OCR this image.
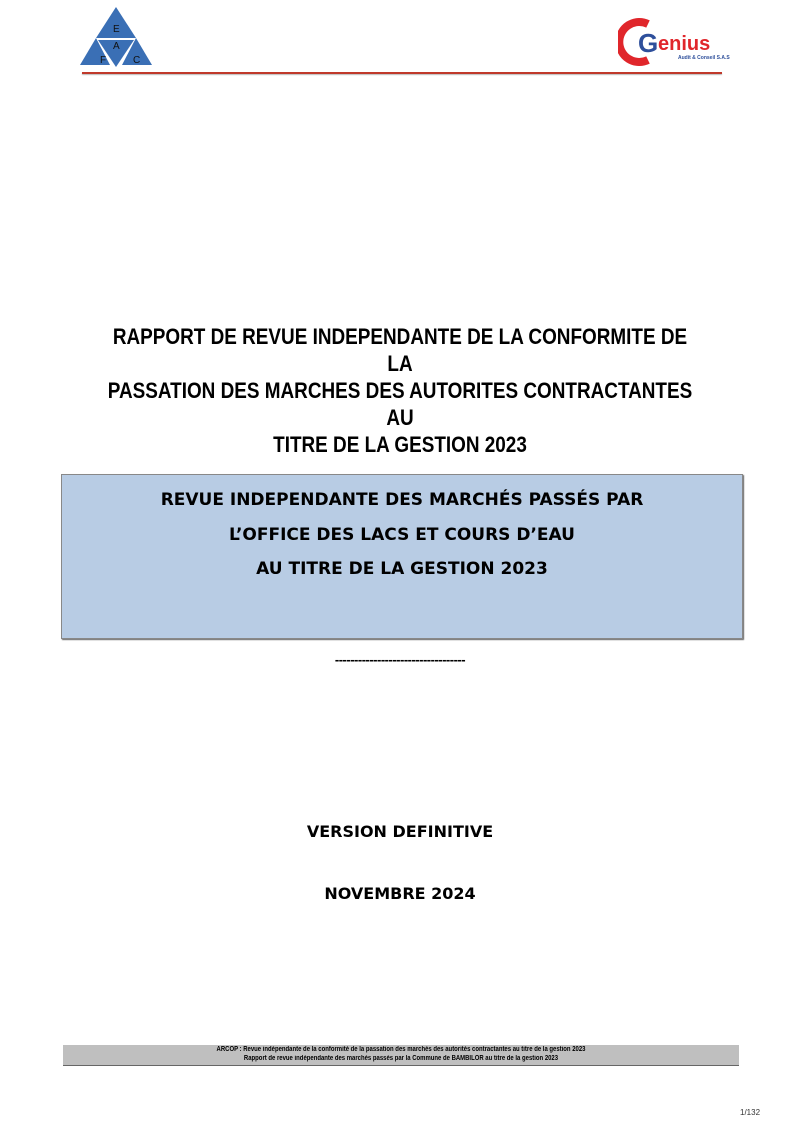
E
A
F	C
G enius
Audit & Conseil S.A.S
RAPPORT DE REVUE INDEPENDANTE DE LA CONFORMITE DE LA
PASSATION DES MARCHES DES AUTORITES CONTRACTANTES AU
TITRE DE LA GESTION 2023
REVUE INDEPENDANTE DES MARCHÉS PASSÉS PAR
L’OFFICE DES LACS ET COURS D’EAU
AU TITRE DE LA GESTION 2023
----------------------------------
VERSION DEFINITIVE
NOVEMBRE 2024
ARCOP : Revue indépendante de la conformité de la passation des marchés des autorités contractantes au titre de la gestion 2023
Rapport de revue indépendante des marchés passés par la Commune de BAMBILOR au titre de la gestion 2023
1/132
